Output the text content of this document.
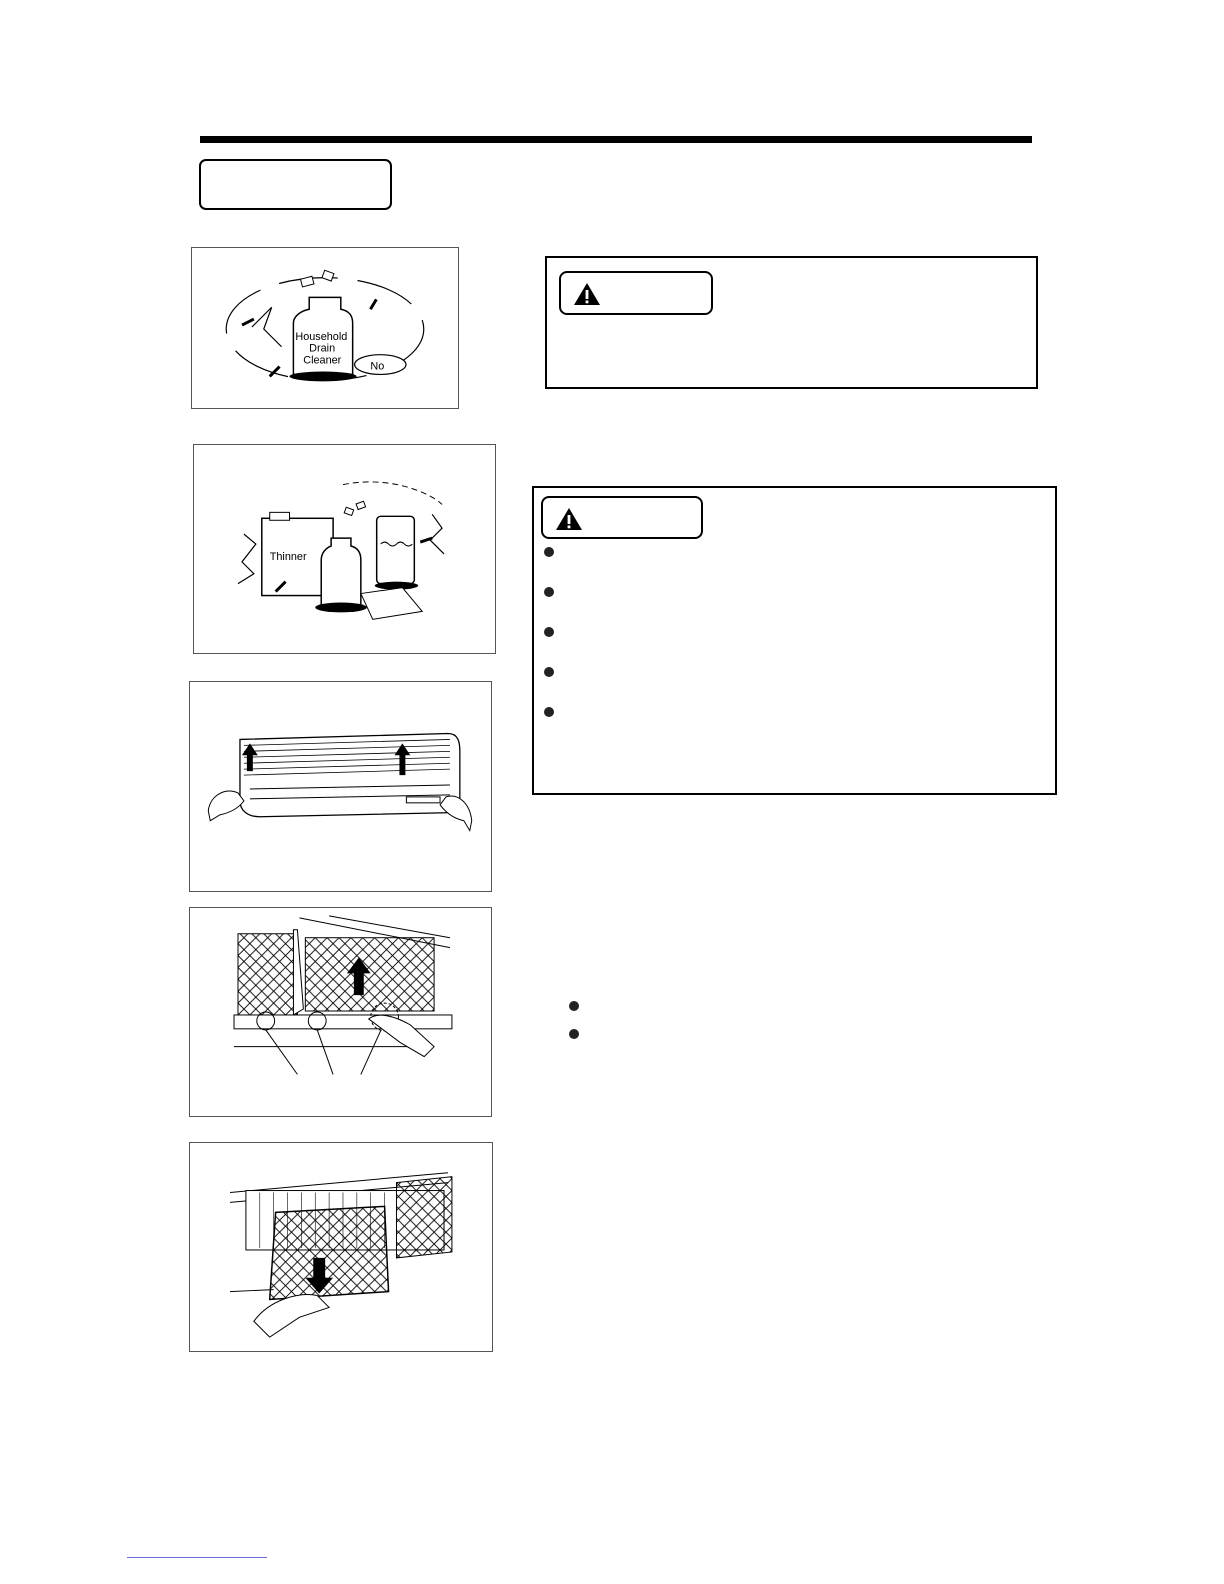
Household
Drain
Cleaner	No
Thinner
